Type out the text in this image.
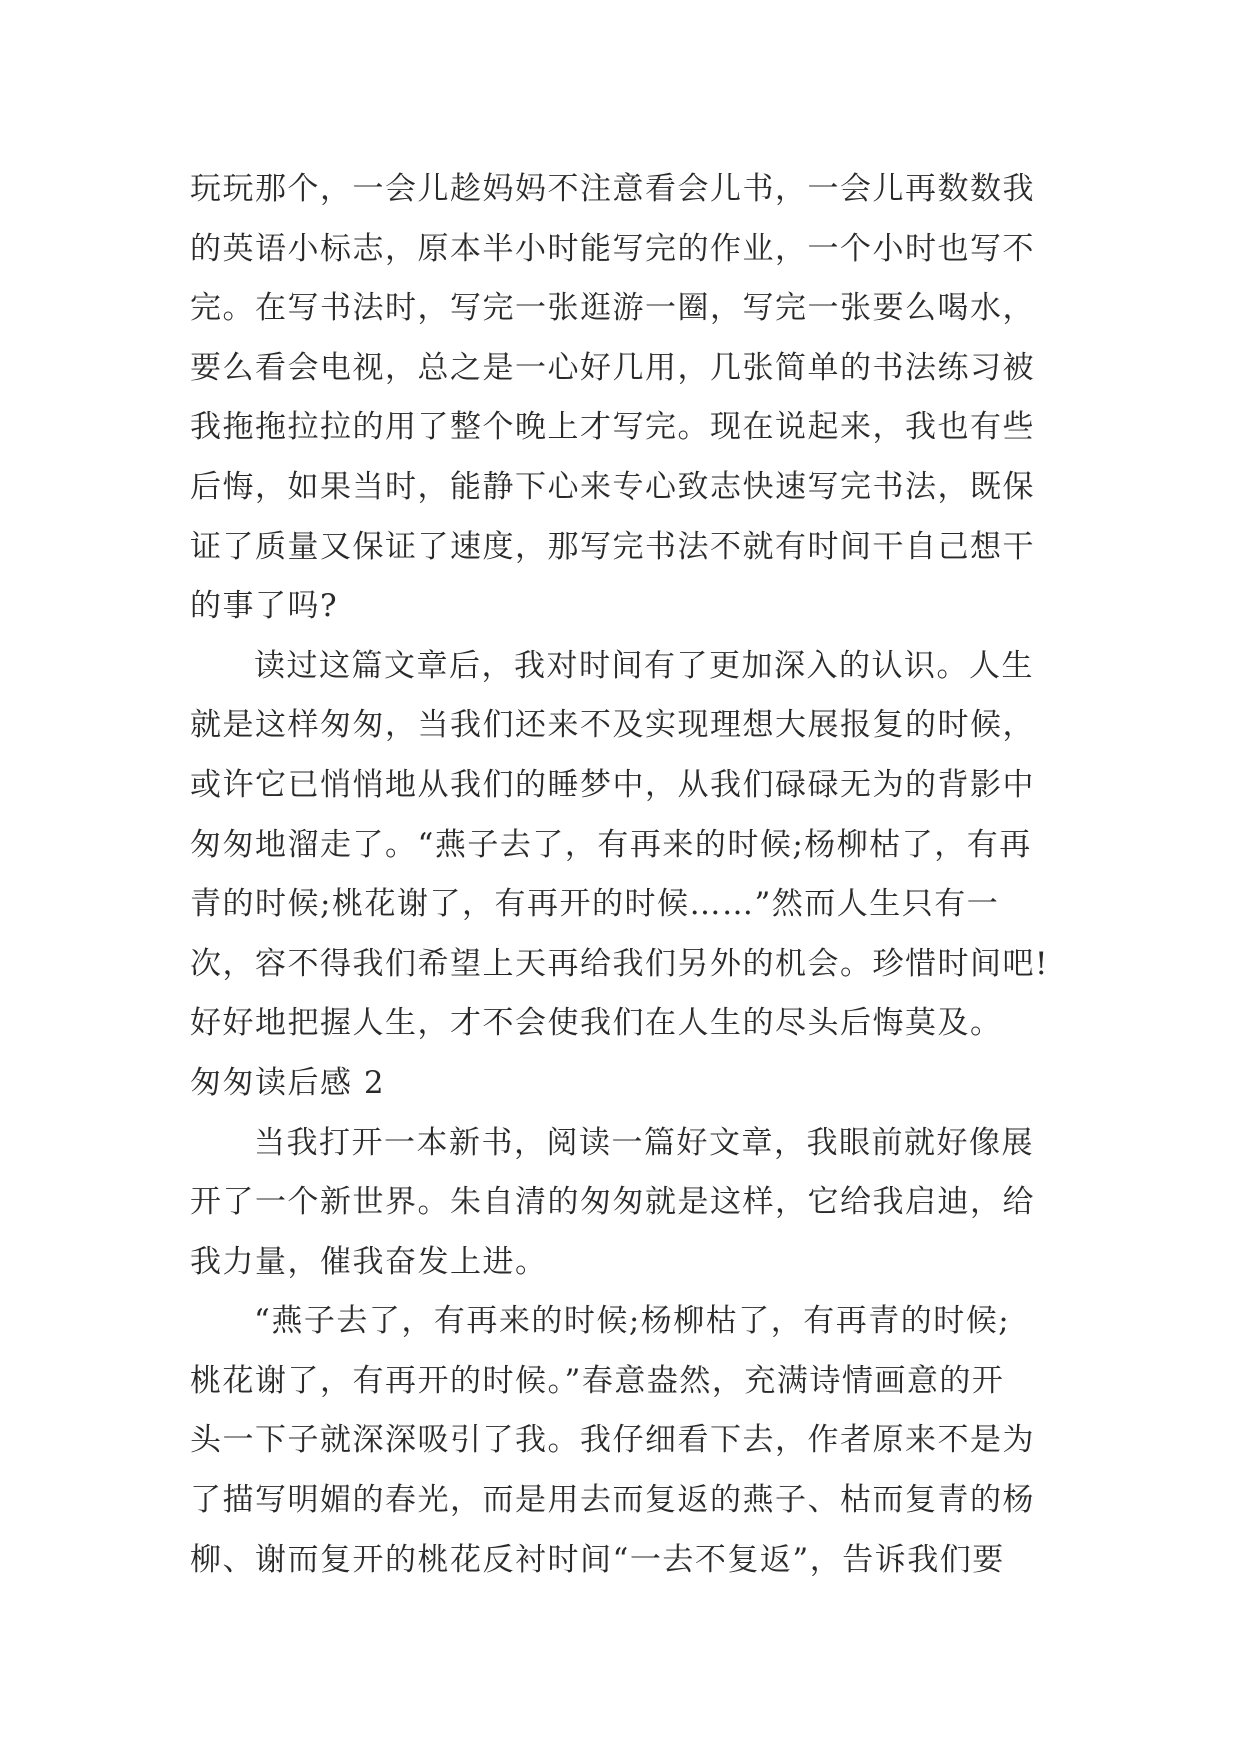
玩玩那个，一会儿趁妈妈不注意看会儿书，一会儿再数数我
的英语小标志，原本半小时能写完的作业，一个小时也写不
完。在写书法时，写完一张逛游一圈，写完一张要么喝水，
要么看会电视，总之是一心好几用，几张简单的书法练习被
我拖拖拉拉的用了整个晚上才写完。现在说起来，我也有些
后悔，如果当时，能静下心来专心致志快速写完书法，既保
证了质量又保证了速度，那写完书法不就有时间干自己想干
的事了吗?
读过这篇文章后，我对时间有了更加深入的认识。人生
就是这样匆匆，当我们还来不及实现理想大展报复的时候，
或许它已悄悄地从我们的睡梦中，从我们碌碌无为的背影中
匆匆地溜走了。“燕子去了，有再来的时候;杨柳枯了，有再
青的时候;桃花谢了，有再开的时候……”然而人生只有一
次，容不得我们希望上天再给我们另外的机会。珍惜时间吧!
好好地把握人生，才不会使我们在人生的尽头后悔莫及。
匆匆读后感 2
当我打开一本新书，阅读一篇好文章，我眼前就好像展
开了一个新世界。朱自清的匆匆就是这样，它给我启迪，给
我力量，催我奋发上进。
“燕子去了，有再来的时候;杨柳枯了，有再青的时候;
桃花谢了，有再开的时候。”春意盎然，充满诗情画意的开
头一下子就深深吸引了我。我仔细看下去，作者原来不是为
了描写明媚的春光，而是用去而复返的燕子、枯而复青的杨
柳、谢而复开的桃花反衬时间“一去不复返”，告诉我们要
